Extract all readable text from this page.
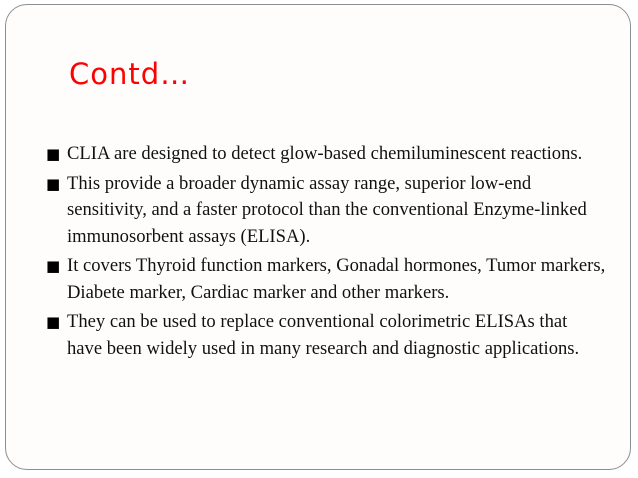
Contd…
■ CLIA are designed to detect glow-based chemiluminescent reactions.
■ This provide a broader dynamic assay range, superior low-end sensitivity, and a faster protocol than the conventional Enzyme-linked immunosorbent assays (ELISA).
■ It covers Thyroid function markers, Gonadal hormones, Tumor markers, Diabete marker, Cardiac marker and other markers.
■ They can be used to replace conventional colorimetric ELISAs that have been widely used in many research and diagnostic applications.
